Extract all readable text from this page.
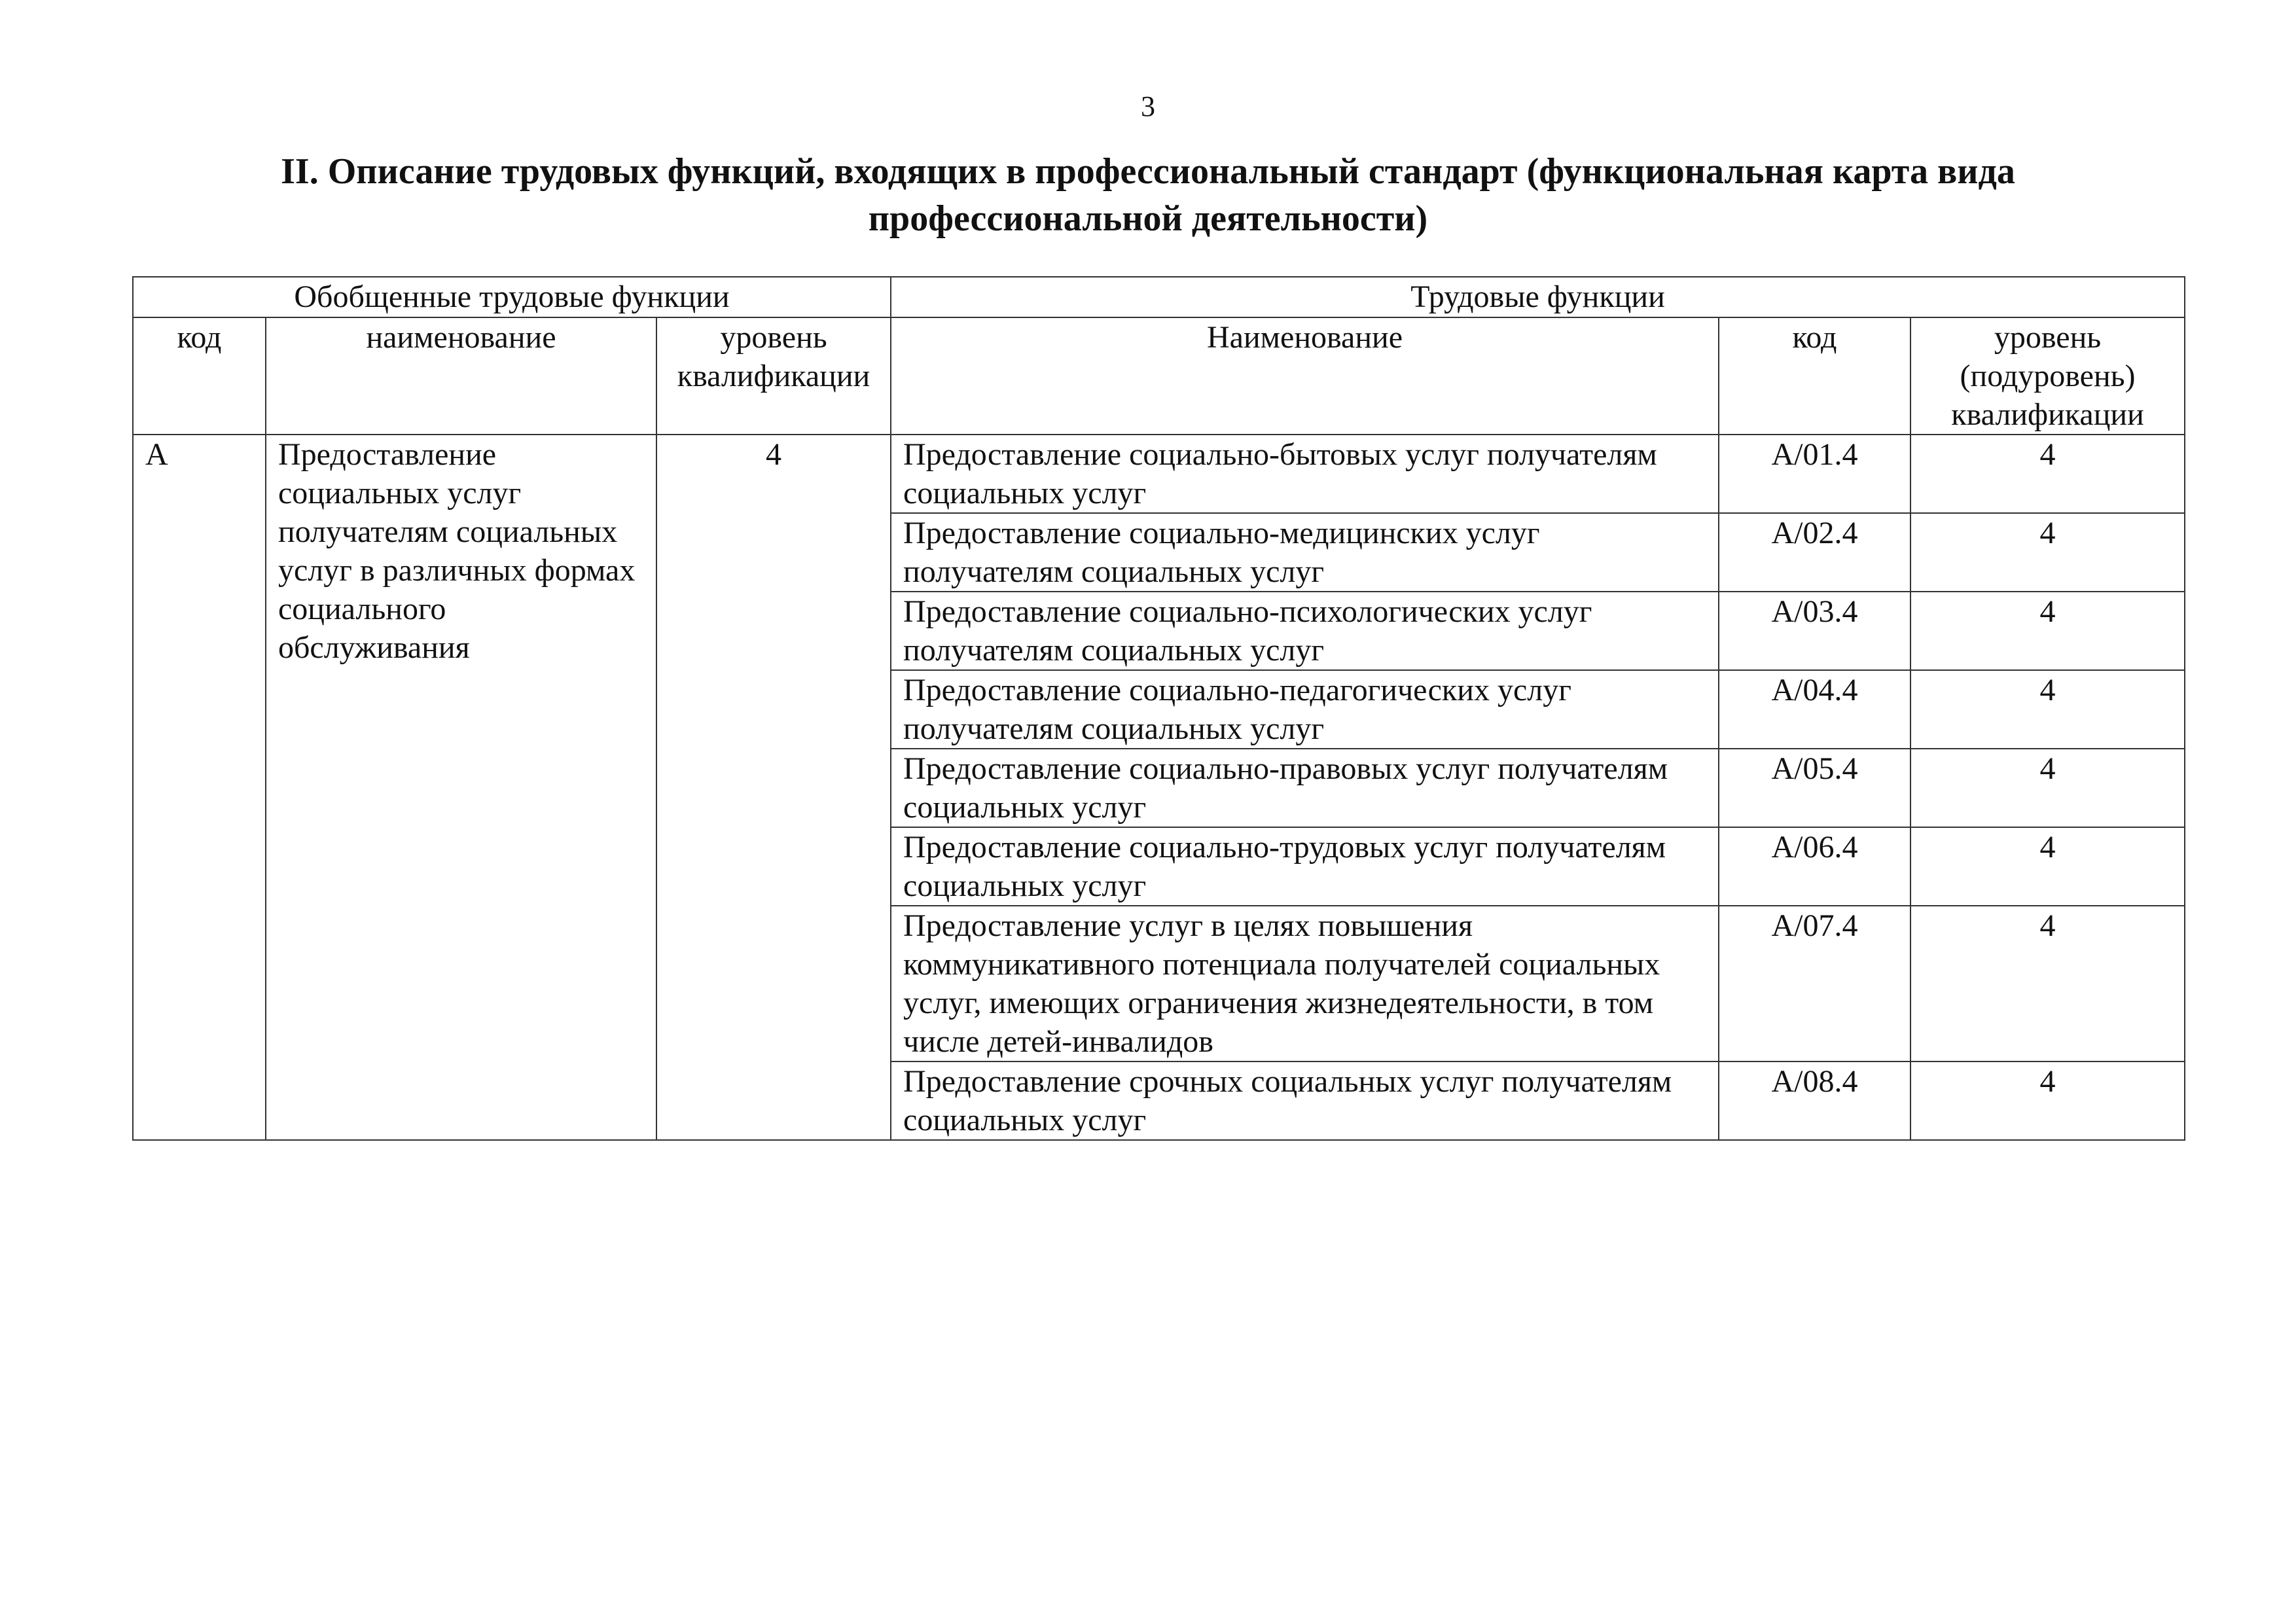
3
II. Описание трудовых функций, входящих в профессиональный стандарт (функциональная карта вида профессиональной деятельности)
Обобщенные трудовые функции			Трудовые функции		
код	наименование	уровень квалификации	Наименование	код	уровень (подуровень) квалификации
А	Предоставление социальных услуг получателям социальных услуг в различных формах социального обслуживания	4	Предоставление социально-бытовых услуг получателям социальных услуг	А/01.4	4
			Предоставление социально-медицинских услуг получателям социальных услуг	А/02.4	4
			Предоставление социально-психологических услуг получателям социальных услуг	А/03.4	4
			Предоставление социально-педагогических услуг получателям социальных услуг	А/04.4	4
			Предоставление социально-правовых услуг получателям социальных услуг	А/05.4	4
			Предоставление социально-трудовых услуг получателям социальных услуг	А/06.4	4
			Предоставление услуг в целях повышения коммуникативного потенциала получателей социальных услуг, имеющих ограничения жизнедеятельности, в том числе детей-инвалидов	А/07.4	4
			Предоставление срочных социальных услуг получателям социальных услуг	А/08.4	4
